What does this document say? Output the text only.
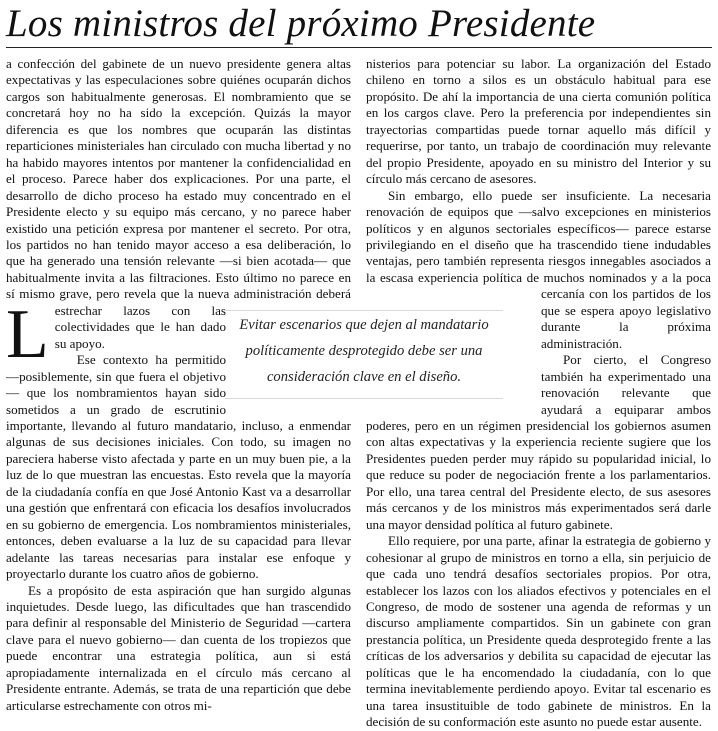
Los ministros del próximo Presidente

L
a confección del gabinete de un nuevo presidente genera altas expectativas y las especulaciones sobre quiénes ocuparán dichos cargos son habitualmente generosas. El nombramiento que se concretará hoy no ha sido la excepción. Quizás la mayor diferencia es que los nombres que ocuparán las distintas reparticiones ministeriales han circulado con mucha libertad y no ha habido mayores intentos por mantener la confidencialidad en el proceso. Parece haber dos explicaciones. Por una parte, el desarrollo de dicho proceso ha estado muy concentrado en el Presidente electo y su equipo más cercano, y no parece haber existido una petición expresa por mantener el secreto. Por otra, los partidos no han tenido mayor acceso a esa deliberación, lo que ha generado una tensión relevante —si bien acotada— que habitualmente invita a las filtraciones. Esto último no parece en sí mismo grave, pero revela que la nueva administración deberá estrechar lazos con las colectividades que le han dado su apoyo.

Ese contexto ha permitido —posiblemente, sin que fuera el objetivo— que los nombramientos hayan sido sometidos a un grado de escrutinio importante, llevando al futuro mandatario, incluso, a enmendar algunas de sus decisiones iniciales. Con todo, su imagen no pareciera haberse visto afectada y parte en un muy buen pie, a la luz de lo que muestran las encuestas. Esto revela que la mayoría de la ciudadanía confía en que José Antonio Kast va a desarrollar una gestión que enfrentará con eficacia los desafíos involucrados en su gobierno de emergencia. Los nombramientos ministeriales, entonces, deben evaluarse a la luz de su capacidad para llevar adelante las tareas necesarias para instalar ese enfoque y proyectarlo durante los cuatro años de gobierno.

Es a propósito de esta aspiración que han surgido algunas inquietudes. Desde luego, las dificultades que han trascendido para definir al responsable del Ministerio de Seguridad —cartera clave para el nuevo gobierno— dan cuenta de los tropiezos que puede encontrar una estrategia política, aun si está apropiadamente internalizada en el círculo más cercano al Presidente entrante. Además, se trata de una repartición que debe articularse estrechamente con otros mi-

nisterios para potenciar su labor. La organización del Estado chileno en torno a silos es un obstáculo habitual para ese propósito. De ahí la importancia de una cierta comunión política en los cargos clave. Pero la preferencia por independientes sin trayectorias compartidas puede tornar aquello más difícil y requerirse, por tanto, un trabajo de coordinación muy relevante del propio Presidente, apoyado en su ministro del Interior y su círculo más cercano de asesores.

Sin embargo, ello puede ser insuficiente. La necesaria renovación de equipos que —salvo excepciones en ministerios políticos y en algunos sectoriales específicos— parece estarse privilegiando en el diseño que ha trascendido tiene indudables ventajas, pero también representa riesgos innegables asociados a la escasa experiencia política de muchos nominados y a la poca cercanía con los partidos de los que se espera apoyo legislativo durante la próxima administración.

Por cierto, el Congreso también ha experimentado una renovación relevante que ayudará a equiparar ambos poderes, pero en un régimen presidencial los gobiernos asumen con altas expectativas y la experiencia reciente sugiere que los Presidentes pueden perder muy rápido su popularidad inicial, lo que reduce su poder de negociación frente a los parlamentarios. Por ello, una tarea central del Presidente electo, de sus asesores más cercanos y de los ministros más experimentados será darle una mayor densidad política al futuro gabinete.

Ello requiere, por una parte, afinar la estrategia de gobierno y cohesionar al grupo de ministros en torno a ella, sin perjuicio de que cada uno tendrá desafíos sectoriales propios. Por otra, establecer los lazos con los aliados efectivos y potenciales en el Congreso, de modo de sostener una agenda de reformas y un discurso ampliamente compartidos. Sin un gabinete con gran prestancia política, un Presidente queda desprotegido frente a las críticas de los adversarios y debilita su capacidad de ejecutar las políticas que le ha encomendado la ciudadanía, con lo que termina inevitablemente perdiendo apoyo. Evitar tal escenario es una tarea insustituible de todo gabinete de ministros. En la decisión de su conformación este asunto no puede estar ausente.

Evitar escenarios que dejen al mandatario políticamente desprotegido debe ser una consideración clave en el diseño.
